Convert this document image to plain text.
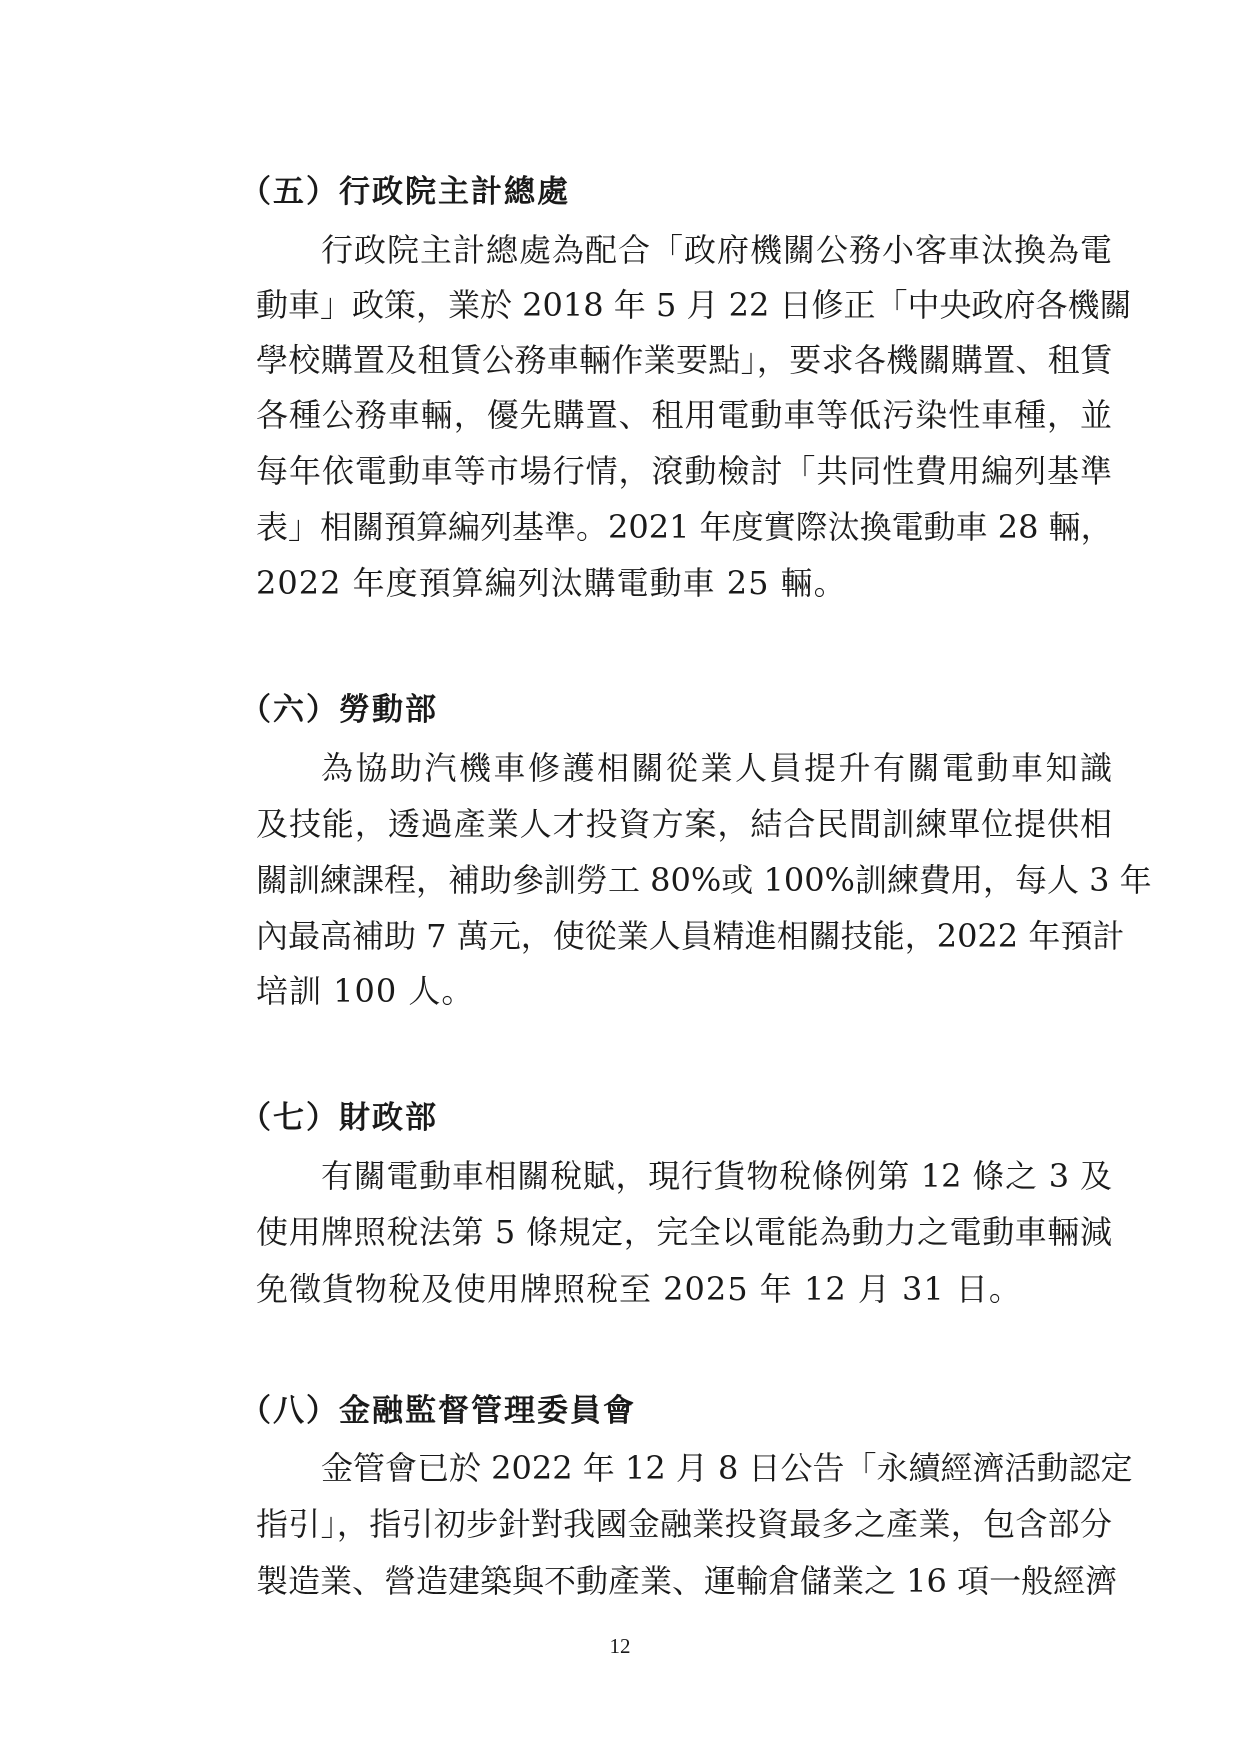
（五）行政院主計總處
行政院主計總處為配合「政府機關公務小客車汰換為電
動車」政策，業於 2018 年 5 月 22 日修正「中央政府各機關
學校購置及租賃公務車輛作業要點」，要求各機關購置、租賃
各種公務車輛，優先購置、租用電動車等低污染性車種，並
每年依電動車等市場行情，滾動檢討「共同性費用編列基準
表」相關預算編列基準。2021 年度實際汰換電動車 28 輛，
2022 年度預算編列汰購電動車 25 輛。
（六）勞動部
為協助汽機車修護相關從業人員提升有關電動車知識
及技能，透過產業人才投資方案，結合民間訓練單位提供相
關訓練課程，補助參訓勞工 80%或 100%訓練費用，每人 3 年
內最高補助 7 萬元，使從業人員精進相關技能，2022 年預計
培訓 100 人。
（七）財政部
有關電動車相關稅賦，現行貨物稅條例第 12 條之 3 及
使用牌照稅法第 5 條規定，完全以電能為動力之電動車輛減
免徵貨物稅及使用牌照稅至 2025 年 12 月 31 日。
（八）金融監督管理委員會
金管會已於 2022 年 12 月 8 日公告「永續經濟活動認定
指引」，指引初步針對我國金融業投資最多之產業，包含部分
製造業、營造建築與不動產業、運輸倉儲業之 16 項一般經濟
12
